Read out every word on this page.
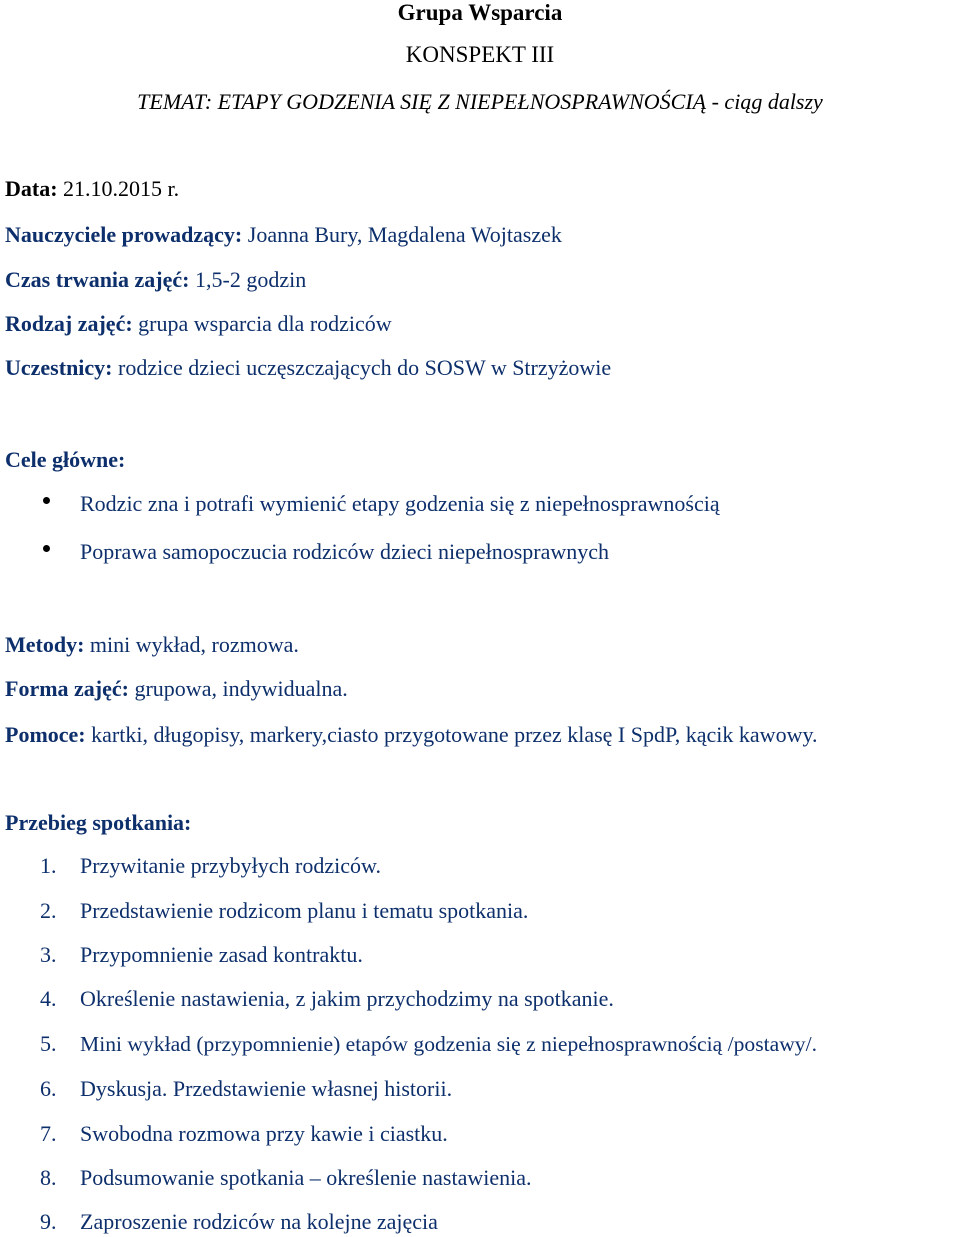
Grupa Wsparcia
KONSPEKT III
TEMAT: ETAPY GODZENIA SIĘ Z NIEPEŁNOSPRAWNOŚCIĄ - ciąg dalszy
Data: 21.10.2015 r.
Nauczyciele prowadzący: Joanna Bury, Magdalena Wojtaszek
Czas trwania zajęć: 1,5-2 godzin
Rodzaj zajęć: grupa wsparcia dla rodziców
Uczestnicy: rodzice dzieci uczęszczających do SOSW w Strzyżowie
Cele główne:
Rodzic zna i potrafi wymienić etapy godzenia się z niepełnosprawnością
Poprawa samopoczucia rodziców dzieci niepełnosprawnych
Metody: mini wykład, rozmowa.
Forma zajęć: grupowa, indywidualna.
Pomoce: kartki, długopisy, markery,ciasto przygotowane przez klasę I SpdP, kącik kawowy.
Przebieg spotkania:
1. Przywitanie przybyłych rodziców.
2. Przedstawienie rodzicom planu i tematu spotkania.
3. Przypomnienie zasad kontraktu.
4. Określenie nastawienia, z jakim przychodzimy na spotkanie.
5. Mini wykład (przypomnienie) etapów godzenia się z niepełnosprawnością /postawy/.
6. Dyskusja. Przedstawienie własnej historii.
7. Swobodna rozmowa przy kawie i ciastku.
8. Podsumowanie spotkania – określenie nastawienia.
9. Zaproszenie rodziców na kolejne zajęcia
